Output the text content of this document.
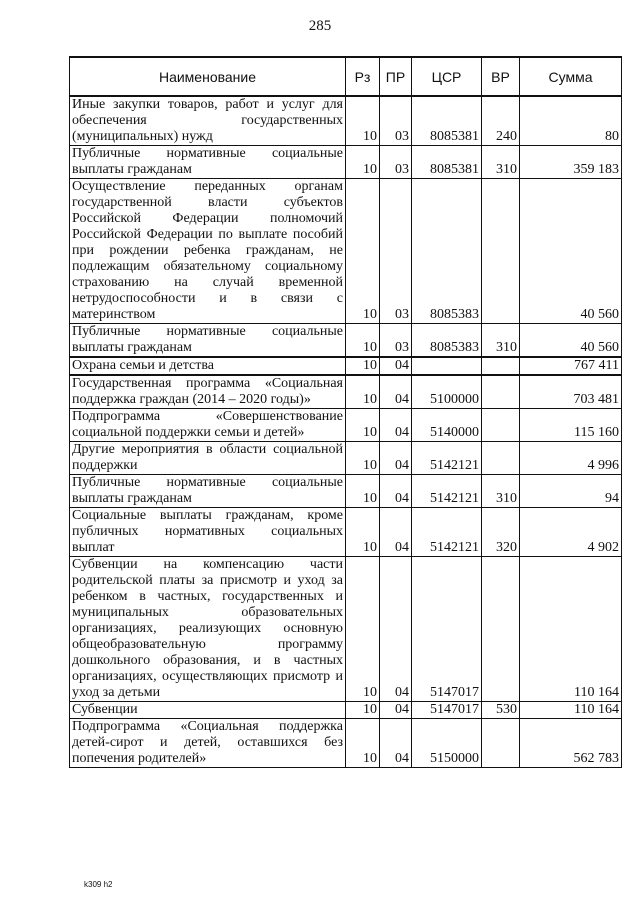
285
Наименование	Рз	ПР	ЦСР	ВР	Сумма
Иные закупки товаров, работ и услуг для обеспечения государственных (муниципальных) нужд	10	03	8085381	240	80
Публичные нормативные социальные выплаты гражданам	10	03	8085381	310	359 183
Осуществление переданных органам государственной власти субъектов Российской Федерации полномочий Российской Федерации по выплате пособий при рождении ребенка гражданам, не подлежащим обязательному социальному страхованию на случай временной нетрудоспособности и в связи с материнством	10	03	8085383		40 560
Публичные нормативные социальные выплаты гражданам	10	03	8085383	310	40 560
Охрана семьи и детства	10	04			767 411
Государственная программа «Социальная поддержка граждан (2014 – 2020 годы)»	10	04	5100000		703 481
Подпрограмма «Совершенствование социальной поддержки семьи и детей»	10	04	5140000		115 160
Другие мероприятия в области социальной поддержки	10	04	5142121		4 996
Публичные нормативные социальные выплаты гражданам	10	04	5142121	310	94
Социальные выплаты гражданам, кроме публичных нормативных социальных выплат	10	04	5142121	320	4 902
Субвенции на компенсацию части родительской платы за присмотр и уход за ребенком в частных, государственных и муниципальных образовательных организациях, реализующих основную общеобразовательную программу дошкольного образования, и в частных организациях, осуществляющих присмотр и уход за детьми	10	04	5147017		110 164
Субвенции	10	04	5147017	530	110 164
Подпрограмма «Социальная поддержка детей-сирот и детей, оставшихся без попечения родителей»	10	04	5150000		562 783
k309 h2
